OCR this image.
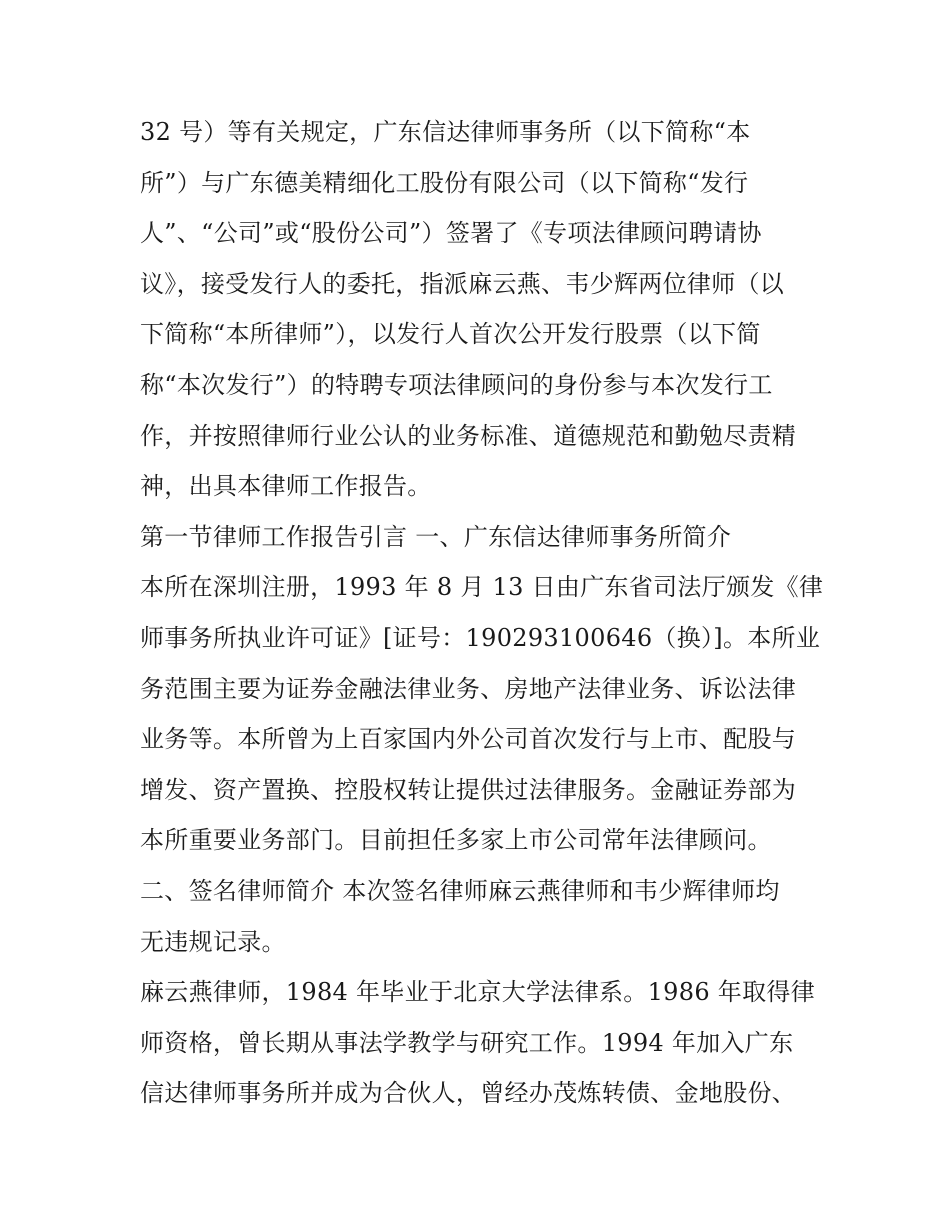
32 号）等有关规定，广东信达律师事务所（以下简称“本
所”）与广东德美精细化工股份有限公司（以下简称“发行
人”、“公司”或“股份公司”）签署了《专项法律顾问聘请协
议》，接受发行人的委托，指派麻云燕、韦少辉两位律师（以
下简称“本所律师”），以发行人首次公开发行股票（以下简
称“本次发行”）的特聘专项法律顾问的身份参与本次发行工
作，并按照律师行业公认的业务标准、道德规范和勤勉尽责精
神，出具本律师工作报告。
第一节律师工作报告引言 一、广东信达律师事务所简介
本所在深圳注册，1993 年 8 月 13 日由广东省司法厅颁发《律
师事务所执业许可证》[证号：190293100646（换）]。本所业
务范围主要为证券金融法律业务、房地产法律业务、诉讼法律
业务等。本所曾为上百家国内外公司首次发行与上市、配股与
增发、资产置换、控股权转让提供过法律服务。金融证券部为
本所重要业务部门。目前担任多家上市公司常年法律顾问。
二、签名律师简介 本次签名律师麻云燕律师和韦少辉律师均
无违规记录。
麻云燕律师，1984 年毕业于北京大学法律系。1986 年取得律
师资格，曾长期从事法学教学与研究工作。1994 年加入广东
信达律师事务所并成为合伙人，曾经办茂炼转债、金地股份、
